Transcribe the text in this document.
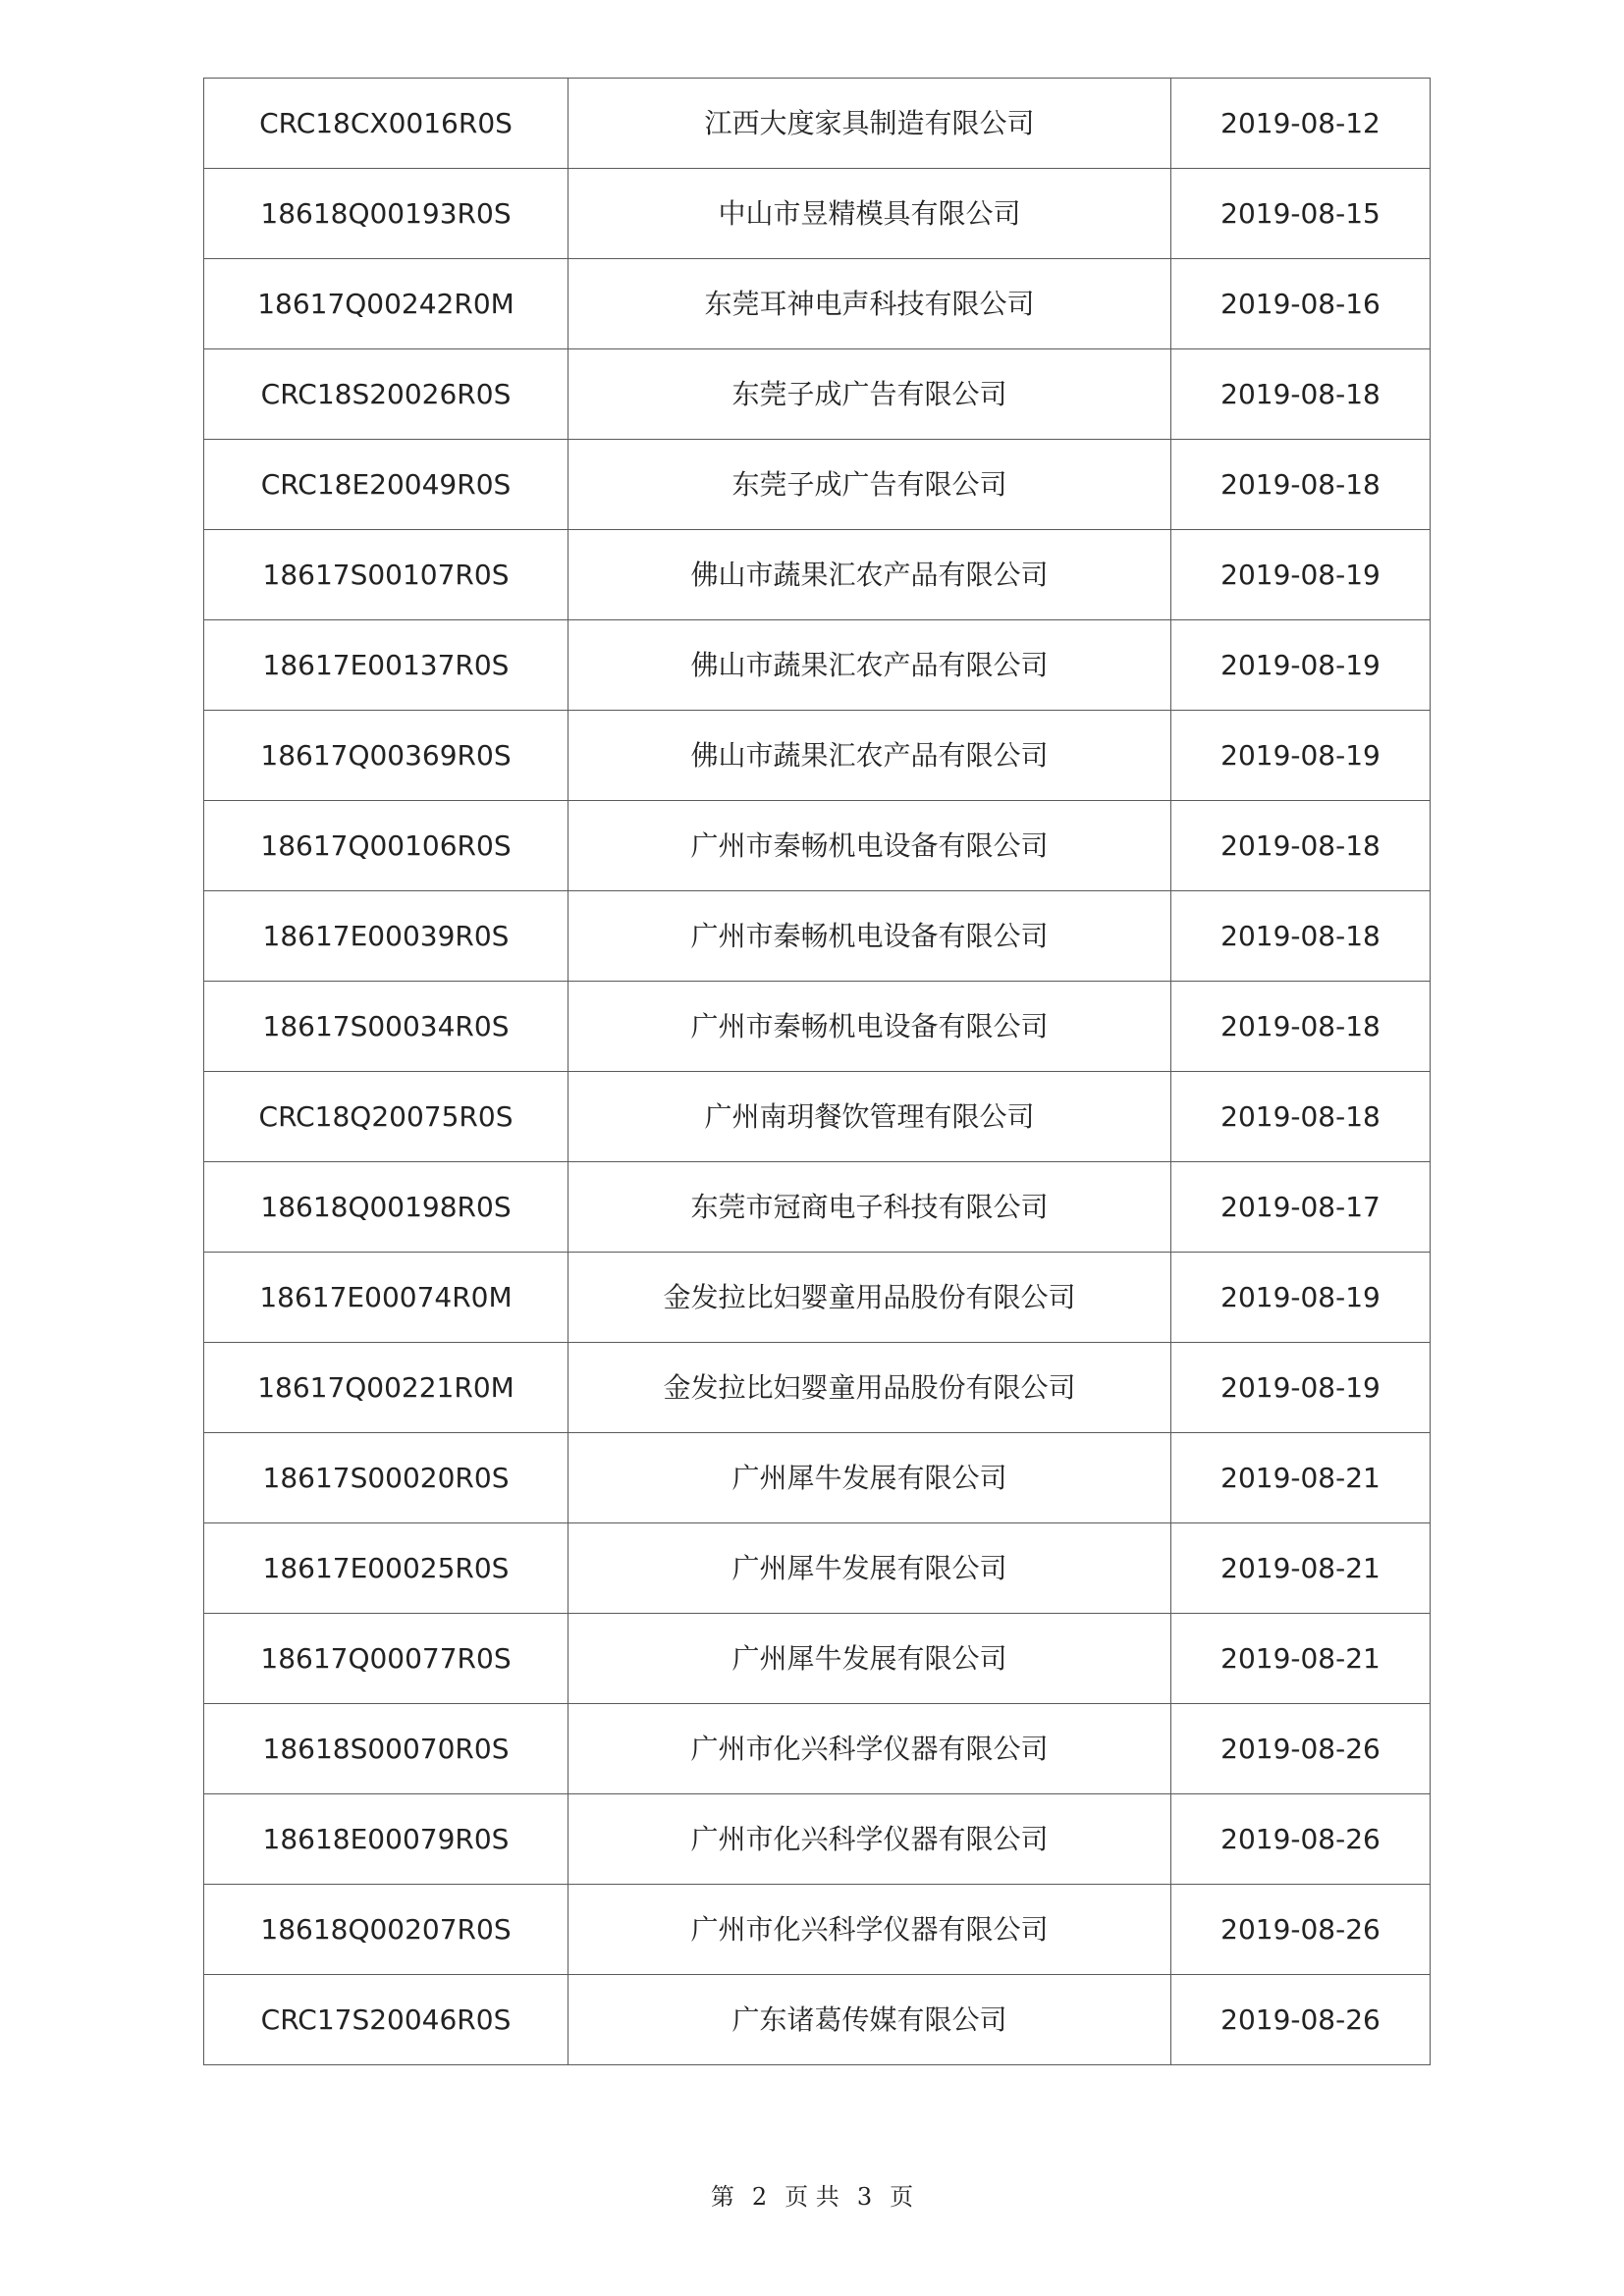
CRC18CX0016R0S	江西大度家具制造有限公司	2019-08-12
18618Q00193R0S	中山市昱精模具有限公司	2019-08-15
18617Q00242R0M	东莞耳神电声科技有限公司	2019-08-16
CRC18S20026R0S	东莞子成广告有限公司	2019-08-18
CRC18E20049R0S	东莞子成广告有限公司	2019-08-18
18617S00107R0S	佛山市蔬果汇农产品有限公司	2019-08-19
18617E00137R0S	佛山市蔬果汇农产品有限公司	2019-08-19
18617Q00369R0S	佛山市蔬果汇农产品有限公司	2019-08-19
18617Q00106R0S	广州市秦畅机电设备有限公司	2019-08-18
18617E00039R0S	广州市秦畅机电设备有限公司	2019-08-18
18617S00034R0S	广州市秦畅机电设备有限公司	2019-08-18
CRC18Q20075R0S	广州南玥餐饮管理有限公司	2019-08-18
18618Q00198R0S	东莞市冠商电子科技有限公司	2019-08-17
18617E00074R0M	金发拉比妇婴童用品股份有限公司	2019-08-19
18617Q00221R0M	金发拉比妇婴童用品股份有限公司	2019-08-19
18617S00020R0S	广州犀牛发展有限公司	2019-08-21
18617E00025R0S	广州犀牛发展有限公司	2019-08-21
18617Q00077R0S	广州犀牛发展有限公司	2019-08-21
18618S00070R0S	广州市化兴科学仪器有限公司	2019-08-26
18618E00079R0S	广州市化兴科学仪器有限公司	2019-08-26
18618Q00207R0S	广州市化兴科学仪器有限公司	2019-08-26
CRC17S20046R0S	广东诸葛传媒有限公司	2019-08-26
第 2 页 共 3 页
